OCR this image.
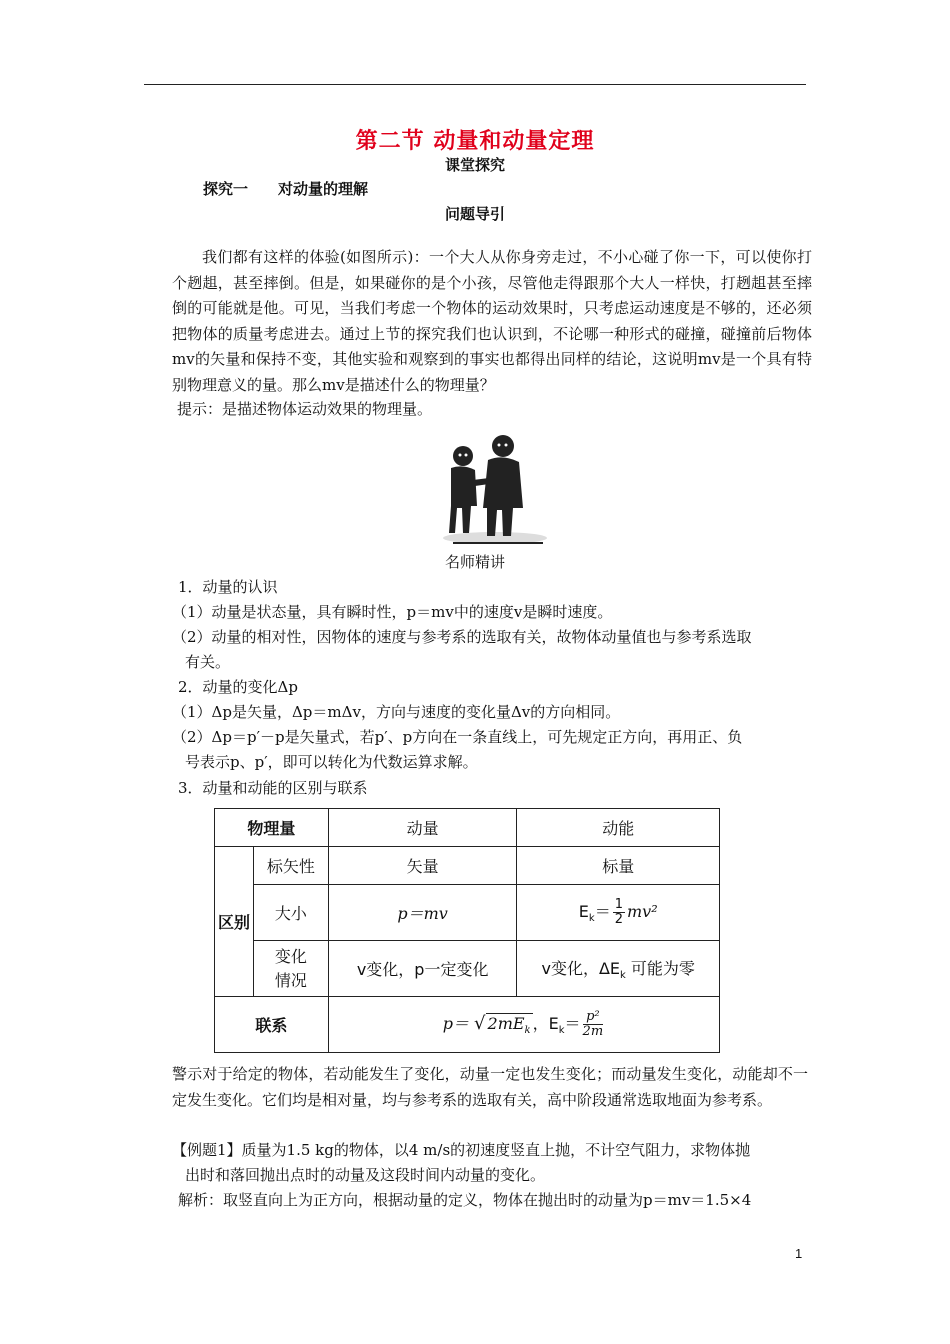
第二节 动量和动量定理
课堂探究
探究一 对动量的理解
问题导引
我们都有这样的体验(如图所示)：一个大人从你身旁走过，不小心碰了你一下，可以使你打个趔趄，甚至摔倒。但是，如果碰你的是个小孩，尽管他走得跟那个大人一样快，打趔趄甚至摔倒的可能就是他。可见，当我们考虑一个物体的运动效果时，只考虑运动速度是不够的，还必须把物体的质量考虑进去。通过上节的探究我们也认识到，不论哪一种形式的碰撞，碰撞前后物体mv的矢量和保持不变，其他实验和观察到的事实也都得出同样的结论，这说明mv是一个具有特别物理意义的量。那么mv是描述什么的物理量？
提示：是描述物体运动效果的物理量。
名师精讲
1．动量的认识
（1）动量是状态量，具有瞬时性，p＝mv中的速度v是瞬时速度。
（2）动量的相对性，因物体的速度与参考系的选取有关，故物体动量值也与参考系选取
有关。
2．动量的变化Δp
（1）Δp是矢量，Δp＝mΔv，方向与速度的变化量Δv的方向相同。
（2）Δp＝p′－p是矢量式，若p′、p方向在一条直线上，可先规定正方向，再用正、负
号表示p、p′，即可以转化为代数运算求解。
3．动量和动能的区别与联系
物理量		动量	动能
区别	标矢性	矢量	标量
	大小	p＝mv	$E_k= \frac{1}{2} mv^2$
	变化情况	v变化，p一定变化	v变化，$\Delta E_k$ 可能为零
联系		p＝ √ $2mE_k$ ，$E_k= \frac{\text{p²}}{2m}$
警示对于给定的物体，若动能发生了变化，动量一定也发生变化；而动量发生变化，动能却不一定发生变化。它们均是相对量，均与参考系的选取有关，高中阶段通常选取地面为参考系。
【例题1】质量为1.5 kg的物体，以4 m/s的初速度竖直上抛，不计空气阻力，求物体抛
出时和落回抛出点时的动量及这段时间内动量的变化。
解析：取竖直向上为正方向，根据动量的定义，物体在抛出时的动量为p＝mv＝1.5×4
1
